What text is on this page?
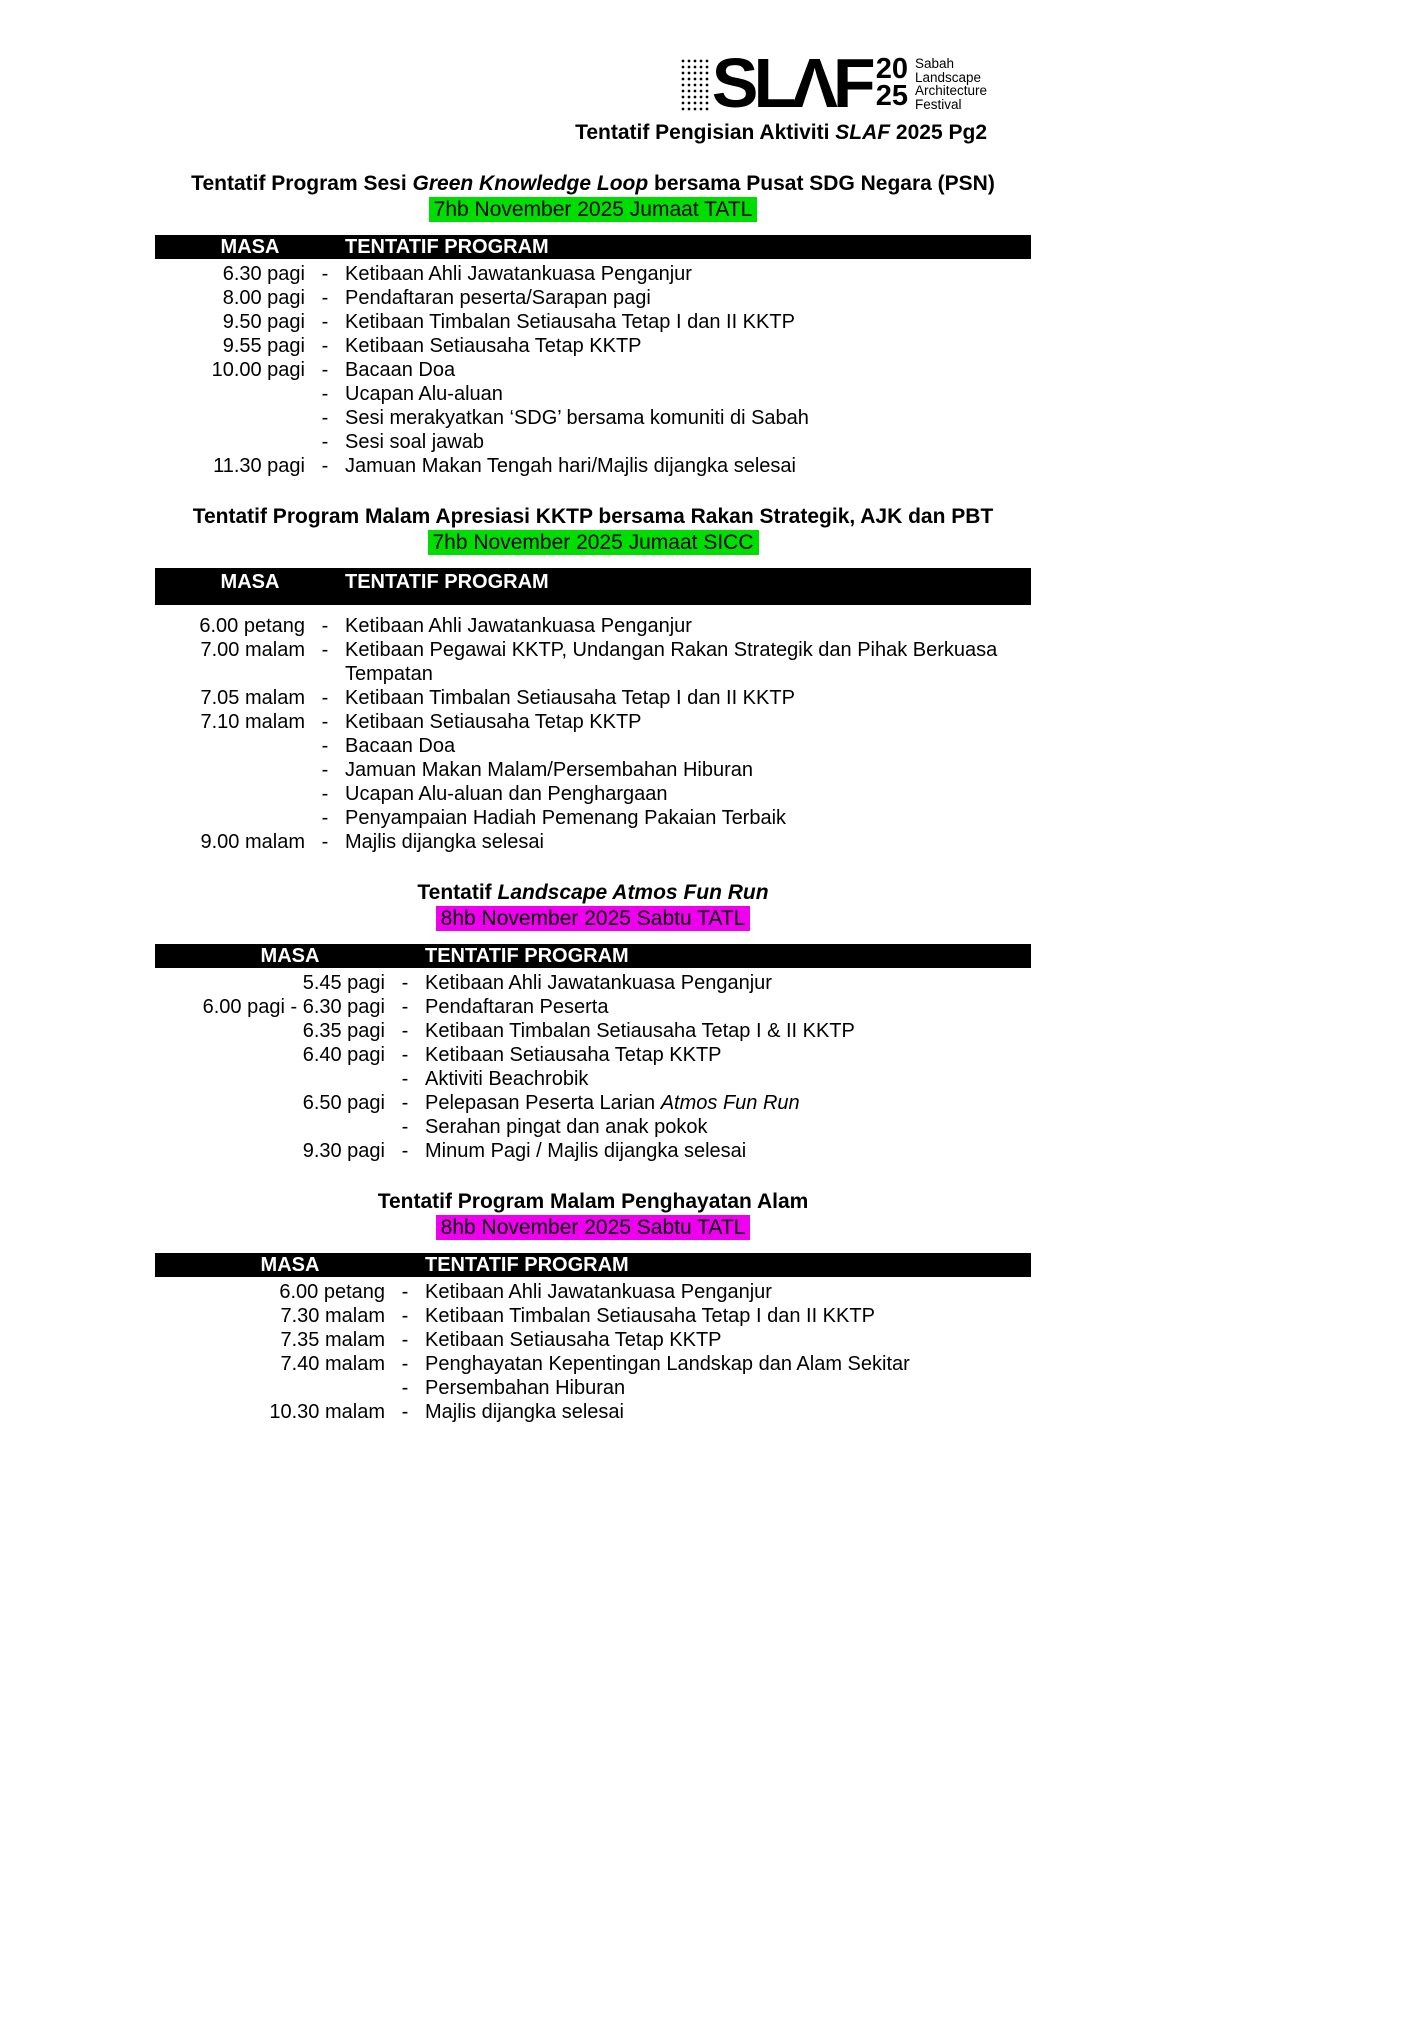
SLΛF 20
25
Sabah
Landscape
Architecture
Festival
Tentatif Pengisian Aktiviti SLAF 2025 Pg2
Tentatif Program Sesi Green Knowledge Loop bersama Pusat SDG Negara (PSN)
7hb November 2025 Jumaat TATL
MASA	TENTATIF PROGRAM
6.30 pagi - Ketibaan Ahli Jawatankuasa Penganjur
8.00 pagi - Pendaftaran peserta/Sarapan pagi
9.50 pagi - Ketibaan Timbalan Setiausaha Tetap I dan II KKTP
9.55 pagi - Ketibaan Setiausaha Tetap KKTP
10.00 pagi - Bacaan Doa
- Ucapan Alu-aluan
- Sesi merakyatkan ‘SDG’ bersama komuniti di Sabah
- Sesi soal jawab
11.30 pagi - Jamuan Makan Tengah hari/Majlis dijangka selesai
Tentatif Program Malam Apresiasi KKTP bersama Rakan Strategik, AJK dan PBT
7hb November 2025 Jumaat SICC
MASA	TENTATIF PROGRAM
6.00 petang - Ketibaan Ahli Jawatankuasa Penganjur
7.00 malam - Ketibaan Pegawai KKTP, Undangan Rakan Strategik dan Pihak Berkuasa Tempatan
7.05 malam - Ketibaan Timbalan Setiausaha Tetap I dan II KKTP
7.10 malam - Ketibaan Setiausaha Tetap KKTP
- Bacaan Doa
- Jamuan Makan Malam/Persembahan Hiburan
- Ucapan Alu-aluan dan Penghargaan
- Penyampaian Hadiah Pemenang Pakaian Terbaik
9.00 malam - Majlis dijangka selesai
Tentatif Landscape Atmos Fun Run
8hb November 2025 Sabtu TATL
MASA	TENTATIF PROGRAM
5.45 pagi - Ketibaan Ahli Jawatankuasa Penganjur
6.00 pagi - 6.30 pagi - Pendaftaran Peserta
6.35 pagi - Ketibaan Timbalan Setiausaha Tetap I & II KKTP
6.40 pagi - Ketibaan Setiausaha Tetap KKTP
- Aktiviti Beachrobik
6.50 pagi - Pelepasan Peserta Larian Atmos Fun Run
- Serahan pingat dan anak pokok
9.30 pagi - Minum Pagi / Majlis dijangka selesai
Tentatif Program Malam Penghayatan Alam
8hb November 2025 Sabtu TATL
MASA	TENTATIF PROGRAM
6.00 petang - Ketibaan Ahli Jawatankuasa Penganjur
7.30 malam - Ketibaan Timbalan Setiausaha Tetap I dan II KKTP
7.35 malam - Ketibaan Setiausaha Tetap KKTP
7.40 malam - Penghayatan Kepentingan Landskap dan Alam Sekitar
- Persembahan Hiburan
10.30 malam - Majlis dijangka selesai
